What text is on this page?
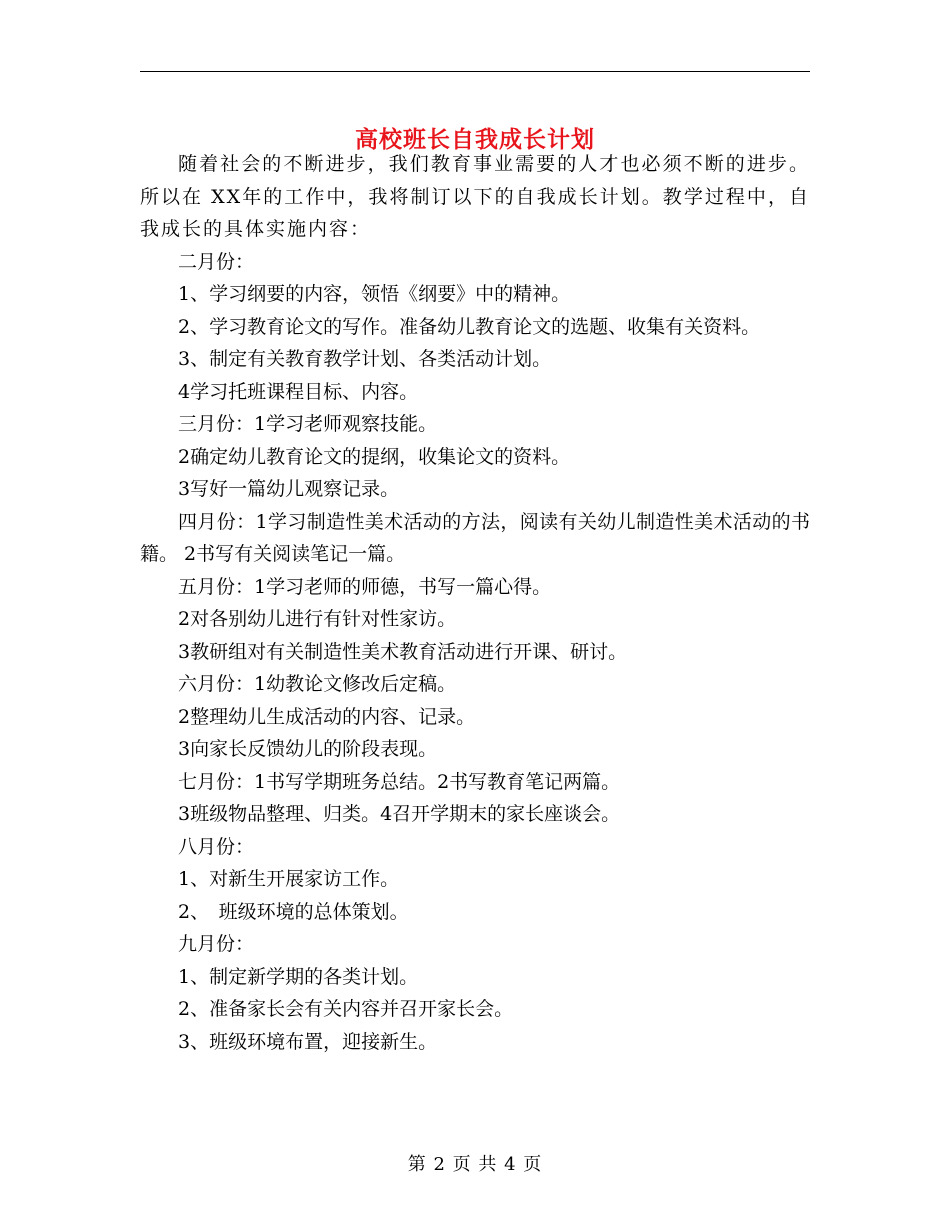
高校班长自我成长计划

随着社会的不断进步，我们教育事业需要的人才也必须不断的进步。所以在 XX年的工作中，我将制订以下的自我成长计划。教学过程中，自我成长的具体实施内容：

二月份：

1、学习纲要的内容，领悟《纲要》中的精神。

2、学习教育论文的写作。准备幼儿教育论文的选题、收集有关资料。

3、制定有关教育教学计划、各类活动计划。

4学习托班课程目标、内容。

三月份：1学习老师观察技能。

2确定幼儿教育论文的提纲，收集论文的资料。

3写好一篇幼儿观察记录。

四月份：1学习制造性美术活动的方法，阅读有关幼儿制造性美术活动的书籍。 2书写有关阅读笔记一篇。

五月份：1学习老师的师德，书写一篇心得。

2对各别幼儿进行有针对性家访。

3教研组对有关制造性美术教育活动进行开课、研讨。

六月份：1幼教论文修改后定稿。

2整理幼儿生成活动的内容、记录。

3向家长反馈幼儿的阶段表现。

七月份：1书写学期班务总结。2书写教育笔记两篇。

3班级物品整理、归类。4召开学期末的家长座谈会。

八月份：

1、对新生开展家访工作。

2、　班级环境的总体策划。

九月份：

1、制定新学期的各类计划。

2、准备家长会有关内容并召开家长会。

3、班级环境布置，迎接新生。

第 2 页 共 4 页
